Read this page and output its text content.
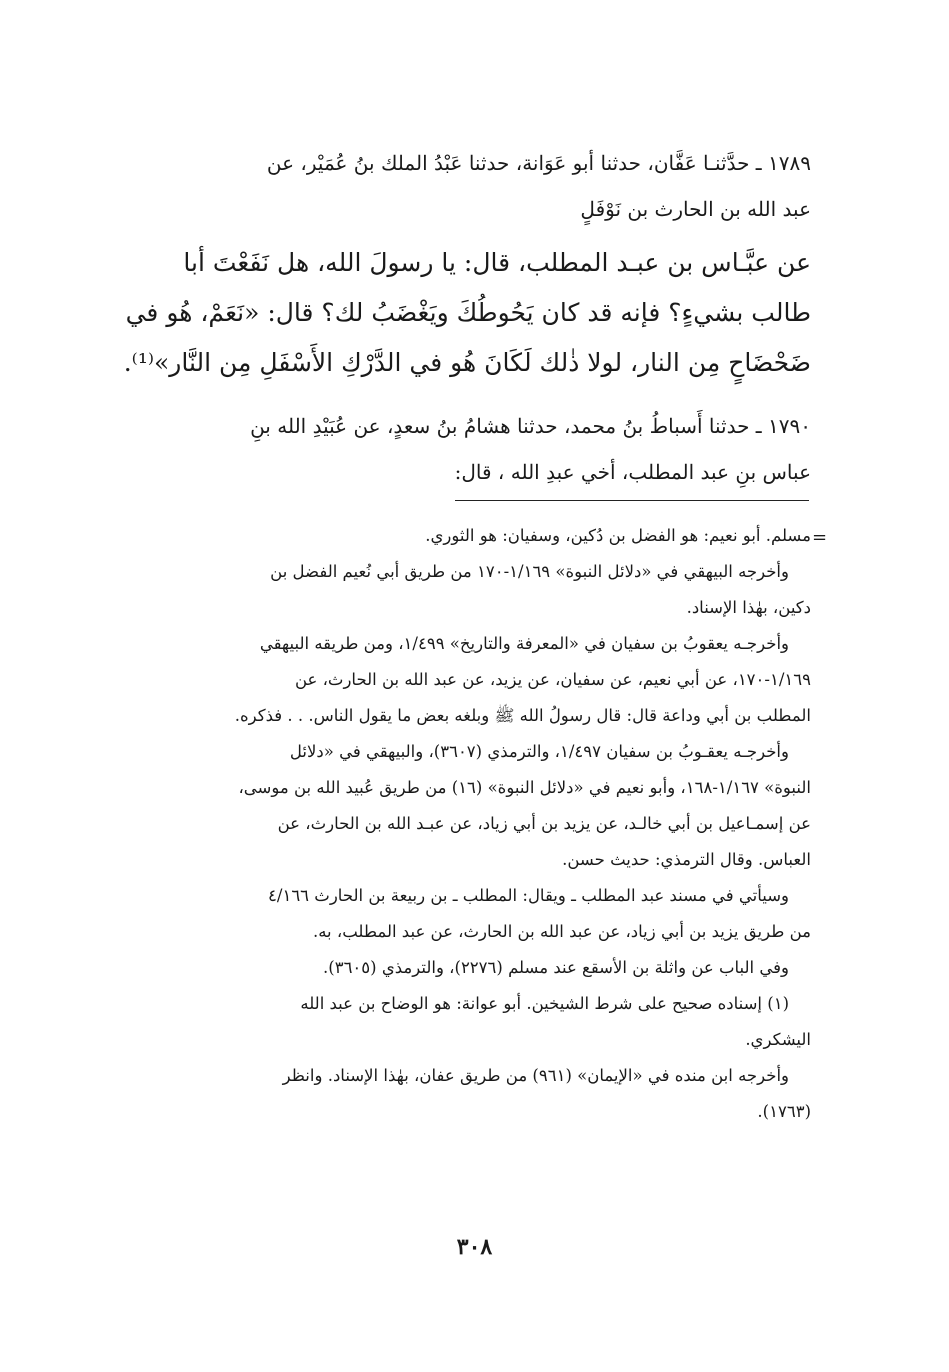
١٧٨٩ ـ حدَّثنـا عَفَّان، حدثنا أبو عَوَانة، حدثنا عَبْدُ الملك بنُ عُمَيْر، عن
عبد الله بن الحارث بن نَوْفَلٍ
عن عبَّـاس بن عبـد المطلب، قال: يا رسولَ الله، هل نَفَعْتَ أبا
طالب بشيءٍ؟ فإنه قد كان يَحُوطُكَ ويَغْضَبُ لك؟ قال: «نَعَمْ، هُو في
ضَحْضَاحٍ مِن النار، لولا ذٰلك لَكَانَ هُو في الدَّرْكِ الأَسْفَلِ مِن النَّار»⁽¹⁾.
١٧٩٠ ـ حدثنا أَسباطُ بنُ محمد، حدثنا هشامُ بنُ سعدٍ، عن عُبَيْدِ الله بنِ
عباس بنِ عبد المطلب، أخي عبدِ الله ، قال:
=
مسلم. أبو نعيم: هو الفضل بن دُكين، وسفيان: هو الثوري.
وأخرجه البيهقي في «دلائل النبوة» ١/١٦٩-١٧٠ من طريق أبي نُعيم الفضل بن
دكين، بهٰذا الإسناد.
وأخرجـه يعقوبُ بن سفيان في «المعرفة والتاريخ» ١/٤٩٩، ومن طريقه البيهقي
١/١٦٩-١٧٠، عن أبي نعيم، عن سفيان، عن يزيد، عن عبد الله بن الحارث، عن
المطلب بن أبي وداعة قال: قال رسولُ الله ﷺ وبلغه بعض ما يقول الناس. . . فذكره.
وأخرجـه يعقـوبُ بن سفيان ١/٤٩٧، والترمذي (٣٦٠٧)، والبيهقي في «دلائل
النبوة» ١/١٦٧-١٦٨، وأبو نعيم في «دلائل النبوة» (١٦) من طريق عُبيد الله بن موسى،
عن إسمـاعيل بن أبي خالـد، عن يزيد بن أبي زياد، عن عبـد الله بن الحارث، عن
العباس. وقال الترمذي: حديث حسن.
وسيأتي في مسند عبد المطلب ـ ويقال: المطلب ـ بن ربيعة بن الحارث ٤/١٦٦
من طريق يزيد بن أبي زياد، عن عبد الله بن الحارث، عن عبد المطلب، به.
وفي الباب عن واثلة بن الأسقع عند مسلم (٢٢٧٦)، والترمذي (٣٦٠٥).
(١) إسناده صحيح على شرط الشيخين. أبو عوانة: هو الوضاح بن عبد الله
اليشكري.
وأخرجه ابن منده في «الإيمان» (٩٦١) من طريق عفان، بهٰذا الإسناد. وانظر
(١٧٦٣).
٣٠٨
